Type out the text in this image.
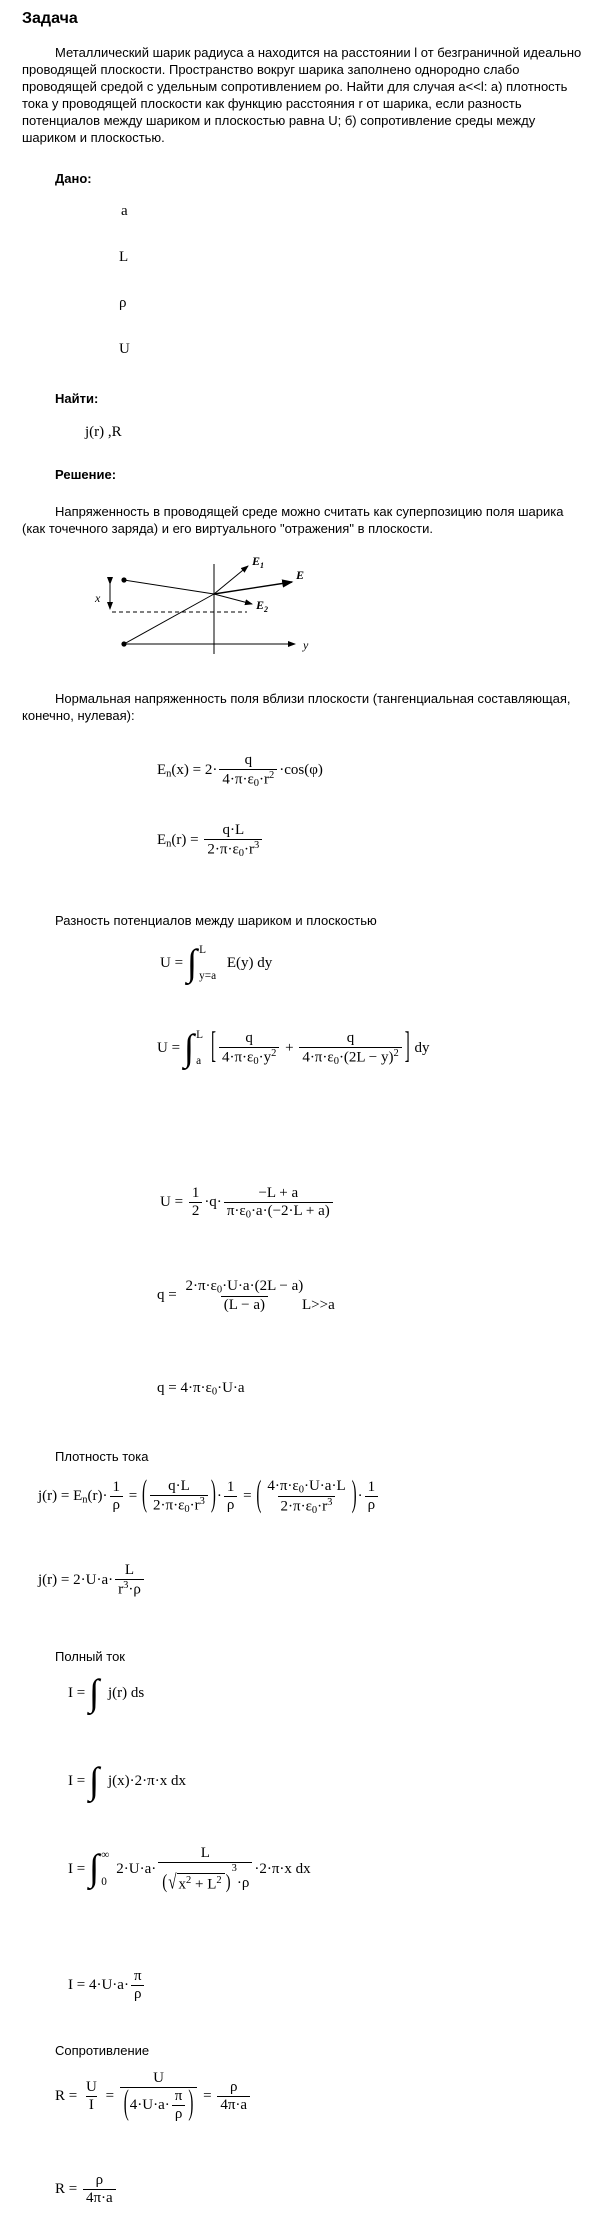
Задача
Металлический шарик радиуса a находится на расстоянии l от безграничной идеально проводящей плоскости. Пространство вокруг шарика заполнено однородно слабо проводящей средой с удельным сопротивлением ρo. Найти для случая a<<l: а) плотность тока у проводящей плоскости как функцию расстояния r от шарика, если разность потенциалов между шариком и плоскостью равна U; б) сопротивление среды между шариком и плоскостью.
Дано:
a
L
ρ
U
Найти:
j(r) ,R
Решение:
Напряженность в проводящей среде можно считать как суперпозицию поля шарика (как точечного заряда) и его виртуального "отражения" в плоскости.
x
y
$E_1$
E
$E_2$
Нормальная напряженность поля вблизи плоскости (тангенциальная составляющая, конечно, нулевая):
$En(x) = 2\cdot \frac{q}{4\cdot\pi\cdot\varepsilon 0\cdot r^2} \cdot\cos(\varphi)$
$En(r) = \frac{q\cdot L}{2\cdot\pi\cdot\varepsilon 0\cdot r^3}$
Разность потенциалов между шариком и плоскостью
U = ∫ L
y=a
E(y) dy
U = ∫ L
a [ $\frac{q}{4\cdot\pi\cdot\varepsilon 0\cdot y^2} + \frac{q}{4\cdot\pi\cdot\varepsilon 0\cdot(2L - y)^2}$ ] dy
$U = \frac{1}{2} \cdot q\cdot \frac{-L + a}{\pi\cdot\varepsilon 0\cdot a\cdot(-2\cdot L + a)}$
$q = \frac{2\cdot\pi\cdot\varepsilon 0\cdot U\cdot a\cdot(2L - a)}{(L - a)}$
L>>a
q = 4·π·ε0·U·a
Плотность тока
$j(r) = En(r)\cdot \frac{1}{\rho}$ = ( $\frac{q\cdot L}{2\cdot\pi\cdot\varepsilon 0\cdot r^3}$ ) · $\frac{1}{\rho}$ = ( $\frac{4\cdot\pi\cdot\varepsilon 0\cdot U\cdot a\cdot L}{2\cdot\pi\cdot\varepsilon 0\cdot r^3}$ ) · $\frac{1}{\rho}$
$j(r) = 2\cdot U\cdot a\cdot \frac{L}{r^3\cdot\rho}$
Полный ток
I = ∫ j(r) ds
I = ∫ j(x)·2·π·x dx
I = ∫ ∞
0
2·U·a· L
( √ $x^2 + L^2$ )
$^3$·ρ ·2·π·x dx
$I = 4\cdot U\cdot a\cdot \frac{\pi}{\rho}$
Сопротивление
$R = \frac{U}{I} = \frac{U}{( 4\cdot U\cdot a\cdot \frac{\pi}{\rho} )} = \frac{\rho}{4\pi\cdot a}$
$R = \frac{\rho}{4\pi\cdot a}$
